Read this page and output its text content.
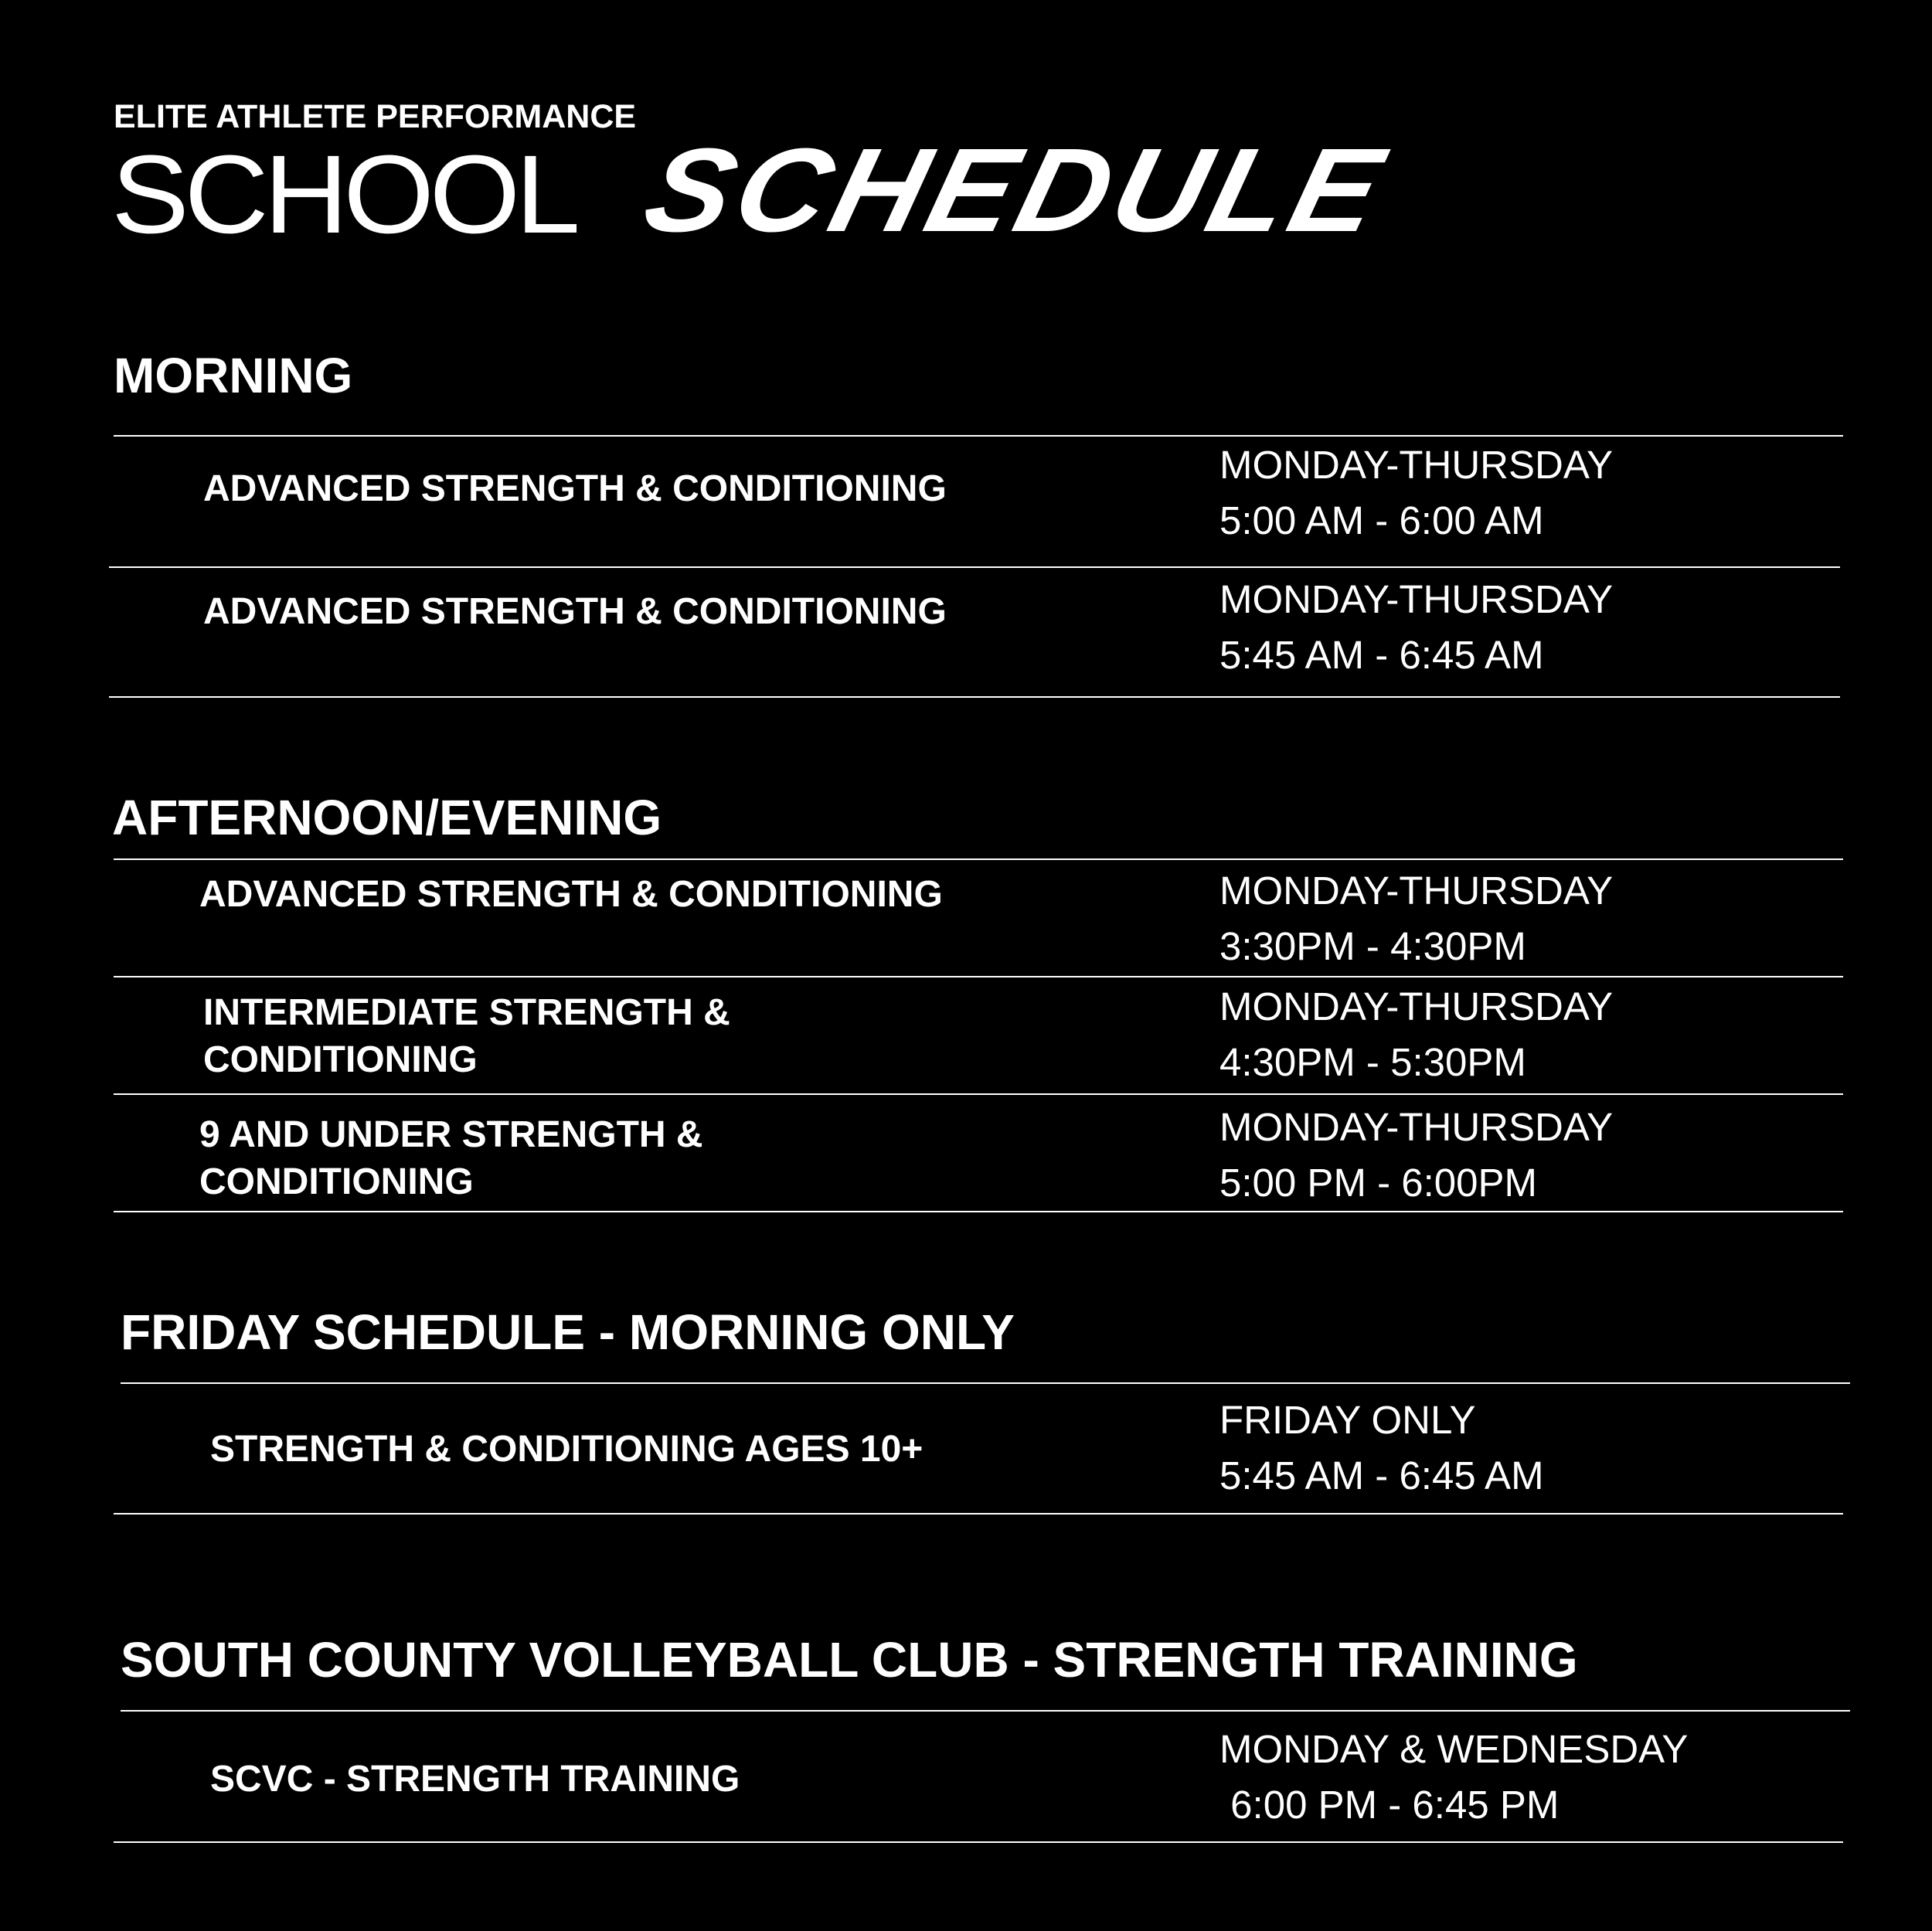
ELITE ATHLETE PERFORMANCE
SCHOOL SCHEDULE
MORNING
ADVANCED STRENGTH & CONDITIONING
MONDAY-THURSDAY
5:00 AM - 6:00 AM
ADVANCED STRENGTH & CONDITIONING	MONDAY-THURSDAY
5:45 AM - 6:45 AM
AFTERNOON/EVENING
ADVANCED STRENGTH & CONDITIONING	MONDAY-THURSDAY
3:30PM - 4:30PM
INTERMEDIATE STRENGTH & CONDITIONING
MONDAY-THURSDAY
4:30PM - 5:30PM
9 AND UNDER STRENGTH & CONDITIONING
MONDAY-THURSDAY
5:00 PM - 6:00PM
FRIDAY SCHEDULE - MORNING ONLY
STRENGTH & CONDITIONING AGES 10+
FRIDAY ONLY
5:45 AM - 6:45 AM
SOUTH COUNTY VOLLEYBALL CLUB - STRENGTH TRAINING
SCVC - STRENGTH TRAINING
MONDAY & WEDNESDAY
6:00 PM - 6:45 PM
